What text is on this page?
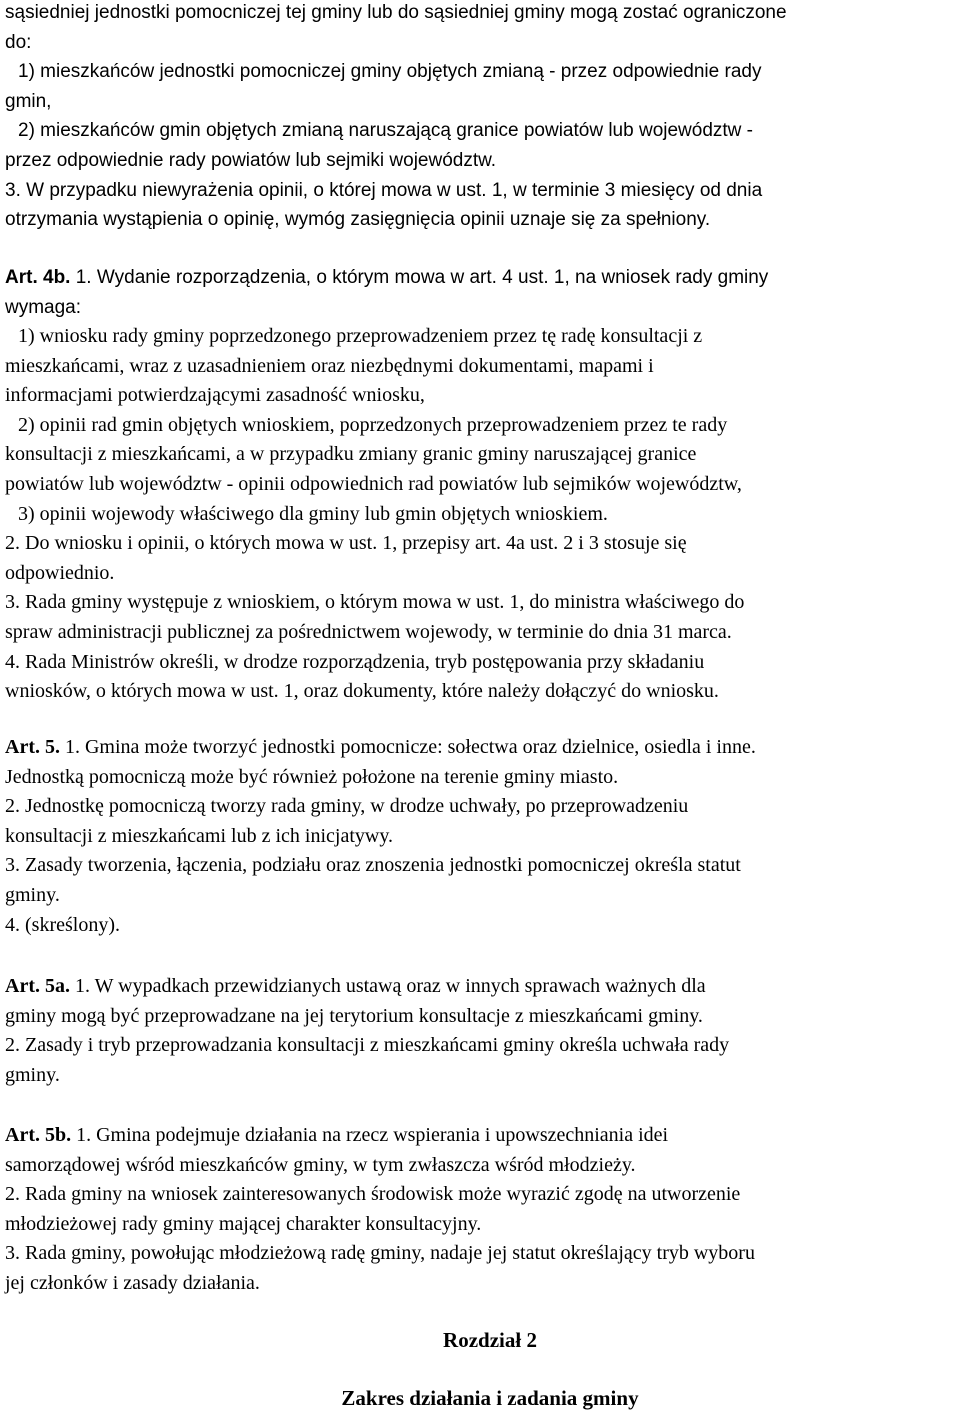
sąsiedniej jednostki pomocniczej tej gminy lub do sąsiedniej gminy mogą zostać ograniczone
do:
1) mieszkańców jednostki pomocniczej gminy objętych zmianą - przez odpowiednie rady
gmin,
2) mieszkańców gmin objętych zmianą naruszającą granice powiatów lub województw -
przez odpowiednie rady powiatów lub sejmiki województw.
3. W przypadku niewyrażenia opinii, o której mowa w ust. 1, w terminie 3 miesięcy od dnia
otrzymania wystąpienia o opinię, wymóg zasięgnięcia opinii uznaje się za spełniony.
Art. 4b. 1. Wydanie rozporządzenia, o którym mowa w art. 4 ust. 1, na wniosek rady gminy
wymaga:
1) wniosku rady gminy poprzedzonego przeprowadzeniem przez tę radę konsultacji z
mieszkańcami, wraz z uzasadnieniem oraz niezbędnymi dokumentami, mapami i
informacjami potwierdzającymi zasadność wniosku,
2) opinii rad gmin objętych wnioskiem, poprzedzonych przeprowadzeniem przez te rady
konsultacji z mieszkańcami, a w przypadku zmiany granic gminy naruszającej granice
powiatów lub województw - opinii odpowiednich rad powiatów lub sejmików województw,
3) opinii wojewody właściwego dla gminy lub gmin objętych wnioskiem.
2. Do wniosku i opinii, o których mowa w ust. 1, przepisy art. 4a ust. 2 i 3 stosuje się
odpowiednio.
3. Rada gminy występuje z wnioskiem, o którym mowa w ust. 1, do ministra właściwego do
spraw administracji publicznej za pośrednictwem wojewody, w terminie do dnia 31 marca.
4. Rada Ministrów określi, w drodze rozporządzenia, tryb postępowania przy składaniu
wniosków, o których mowa w ust. 1, oraz dokumenty, które należy dołączyć do wniosku.
Art. 5. 1. Gmina może tworzyć jednostki pomocnicze: sołectwa oraz dzielnice, osiedla i inne.
Jednostką pomocniczą może być również położone na terenie gminy miasto.
2. Jednostkę pomocniczą tworzy rada gminy, w drodze uchwały, po przeprowadzeniu
konsultacji z mieszkańcami lub z ich inicjatywy.
3. Zasady tworzenia, łączenia, podziału oraz znoszenia jednostki pomocniczej określa statut
gminy.
4. (skreślony).
Art. 5a. 1. W wypadkach przewidzianych ustawą oraz w innych sprawach ważnych dla
gminy mogą być przeprowadzane na jej terytorium konsultacje z mieszkańcami gminy.
2. Zasady i tryb przeprowadzania konsultacji z mieszkańcami gminy określa uchwała rady
gminy.
Art. 5b. 1. Gmina podejmuje działania na rzecz wspierania i upowszechniania idei
samorządowej wśród mieszkańców gminy, w tym zwłaszcza wśród młodzieży.
2. Rada gminy na wniosek zainteresowanych środowisk może wyrazić zgodę na utworzenie
młodzieżowej rady gminy mającej charakter konsultacyjny.
3. Rada gminy, powołując młodzieżową radę gminy, nadaje jej statut określający tryb wyboru
jej członków i zasady działania.
Rozdział 2
Zakres działania i zadania gminy
